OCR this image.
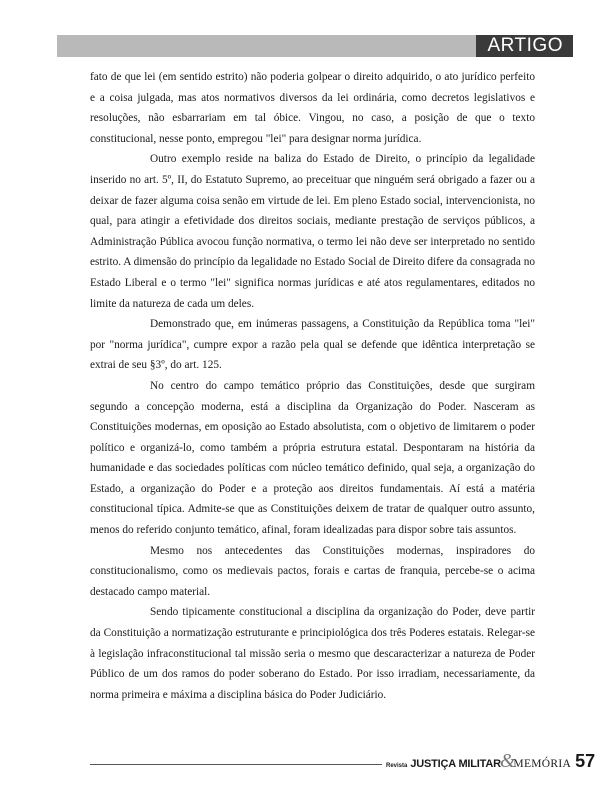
ARTIGO

fato de que lei (em sentido estrito) não poderia golpear o direito adquirido, o ato jurídico perfeito e a coisa julgada, mas atos normativos diversos da lei ordinária, como decretos legislativos e resoluções, não esbarrariam em tal óbice. Vingou, no caso, a posição de que o texto constitucional, nesse ponto, empregou "lei" para designar norma jurídica.

Outro exemplo reside na baliza do Estado de Direito, o princípio da legalidade inserido no art. 5º, II, do Estatuto Supremo, ao preceituar que ninguém será obrigado a fazer ou a deixar de fazer alguma coisa senão em virtude de lei. Em pleno Estado social, intervencionista, no qual, para atingir a efetividade dos direitos sociais, mediante prestação de serviços públicos, a Administração Pública avocou função normativa, o termo lei não deve ser interpretado no sentido estrito. A dimensão do princípio da legalidade no Estado Social de Direito difere da consagrada no Estado Liberal e o termo "lei" significa normas jurídicas e até atos regulamentares, editados no limite da natureza de cada um deles.

Demonstrado que, em inúmeras passagens, a Constituição da República toma "lei" por "norma jurídica", cumpre expor a razão pela qual se defende que idêntica interpretação se extrai de seu §3º, do art. 125.

No centro do campo temático próprio das Constituições, desde que surgiram segundo a concepção moderna, está a disciplina da Organização do Poder. Nasceram as Constituições modernas, em oposição ao Estado absolutista, com o objetivo de limitarem o poder político e organizá-lo, como também a própria estrutura estatal. Despontaram na história da humanidade e das sociedades políticas com núcleo temático definido, qual seja, a organização do Estado, a organização do Poder e a proteção aos direitos fundamentais. Aí está a matéria constitucional típica. Admite-se que as Constituições deixem de tratar de qualquer outro assunto, menos do referido conjunto temático, afinal, foram idealizadas para dispor sobre tais assuntos.

Mesmo nos antecedentes das Constituições modernas, inspiradores do constitucionalismo, como os medievais pactos, forais e cartas de franquia, percebe-se o acima destacado campo material.

Sendo tipicamente constitucional a disciplina da organização do Poder, deve partir da Constituição a normatização estruturante e principiológica dos três Poderes estatais. Relegar-se à legislação infraconstitucional tal missão seria o mesmo que descaracterizar a natureza de Poder Público de um dos ramos do poder soberano do Estado. Por isso irradiam, necessariamente, da norma primeira e máxima a disciplina básica do Poder Judiciário.

Revista JUSTIÇA MILITAR &
MEMÓRIA 57
